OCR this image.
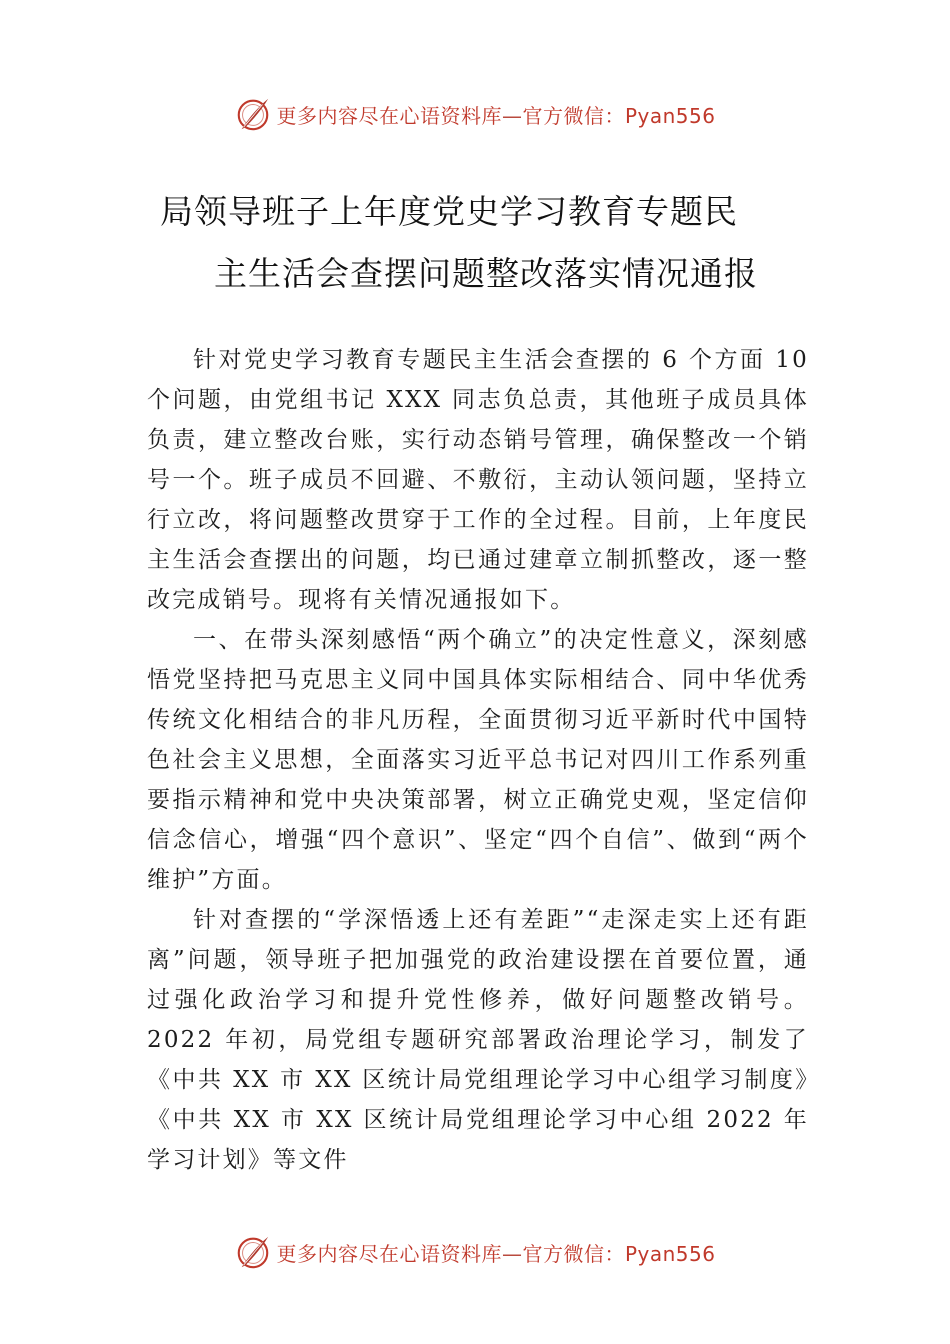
更多内容尽在心语资料库—官方微信：Pyan556
局领导班子上年度党史学习教育专题民
主生活会查摆问题整改落实情况通报

针对党史学习教育专题民主生活会查摆的 6 个方面 10 个问题，由党组书记 XXX 同志负总责，其他班子成员具体负责，建立整改台账，实行动态销号管理，确保整改一个销号一个。班子成员不回避、不敷衍，主动认领问题，坚持立 行立改，将问题整改贯穿于工作的全过程。目前，上年度民主生活会查摆出的问题，均已通过建章立制抓整改，逐一整改完成销号。现将有关情况通报如下。

一、在带头深刻感悟“两个确立”的决定性意义，深刻感悟党坚持把马克思主义同中国具体实际相结合、同中华优秀传统文化相结合的非凡历程，全面贯彻习近平新时代中国特色社会主义思想，全面落实习近平总书记对四川工作系列重要指示精神和党中央决策部署，树立正确党史观，坚定信仰信念信心，增强“四个意识”、坚定“四个自信”、做到“两个维护”方面。

针对查摆的“学深悟透上还有差距”“走深走实上还有距离”问题，领导班子把加强党的政治建设摆在首要位置，通过强化政治学习和提升党性修养，做好问题整改销号。2022 年初，局党组专题研究部署政治理论学习，制发了《中共 XX 市 XX 区统计局党组理论学习中心组学习制度》《中共 XX 市 XX 区统计局党组理论学习中心组 2022 年学习计划》等文件

更多内容尽在心语资料库—官方微信：Pyan556
